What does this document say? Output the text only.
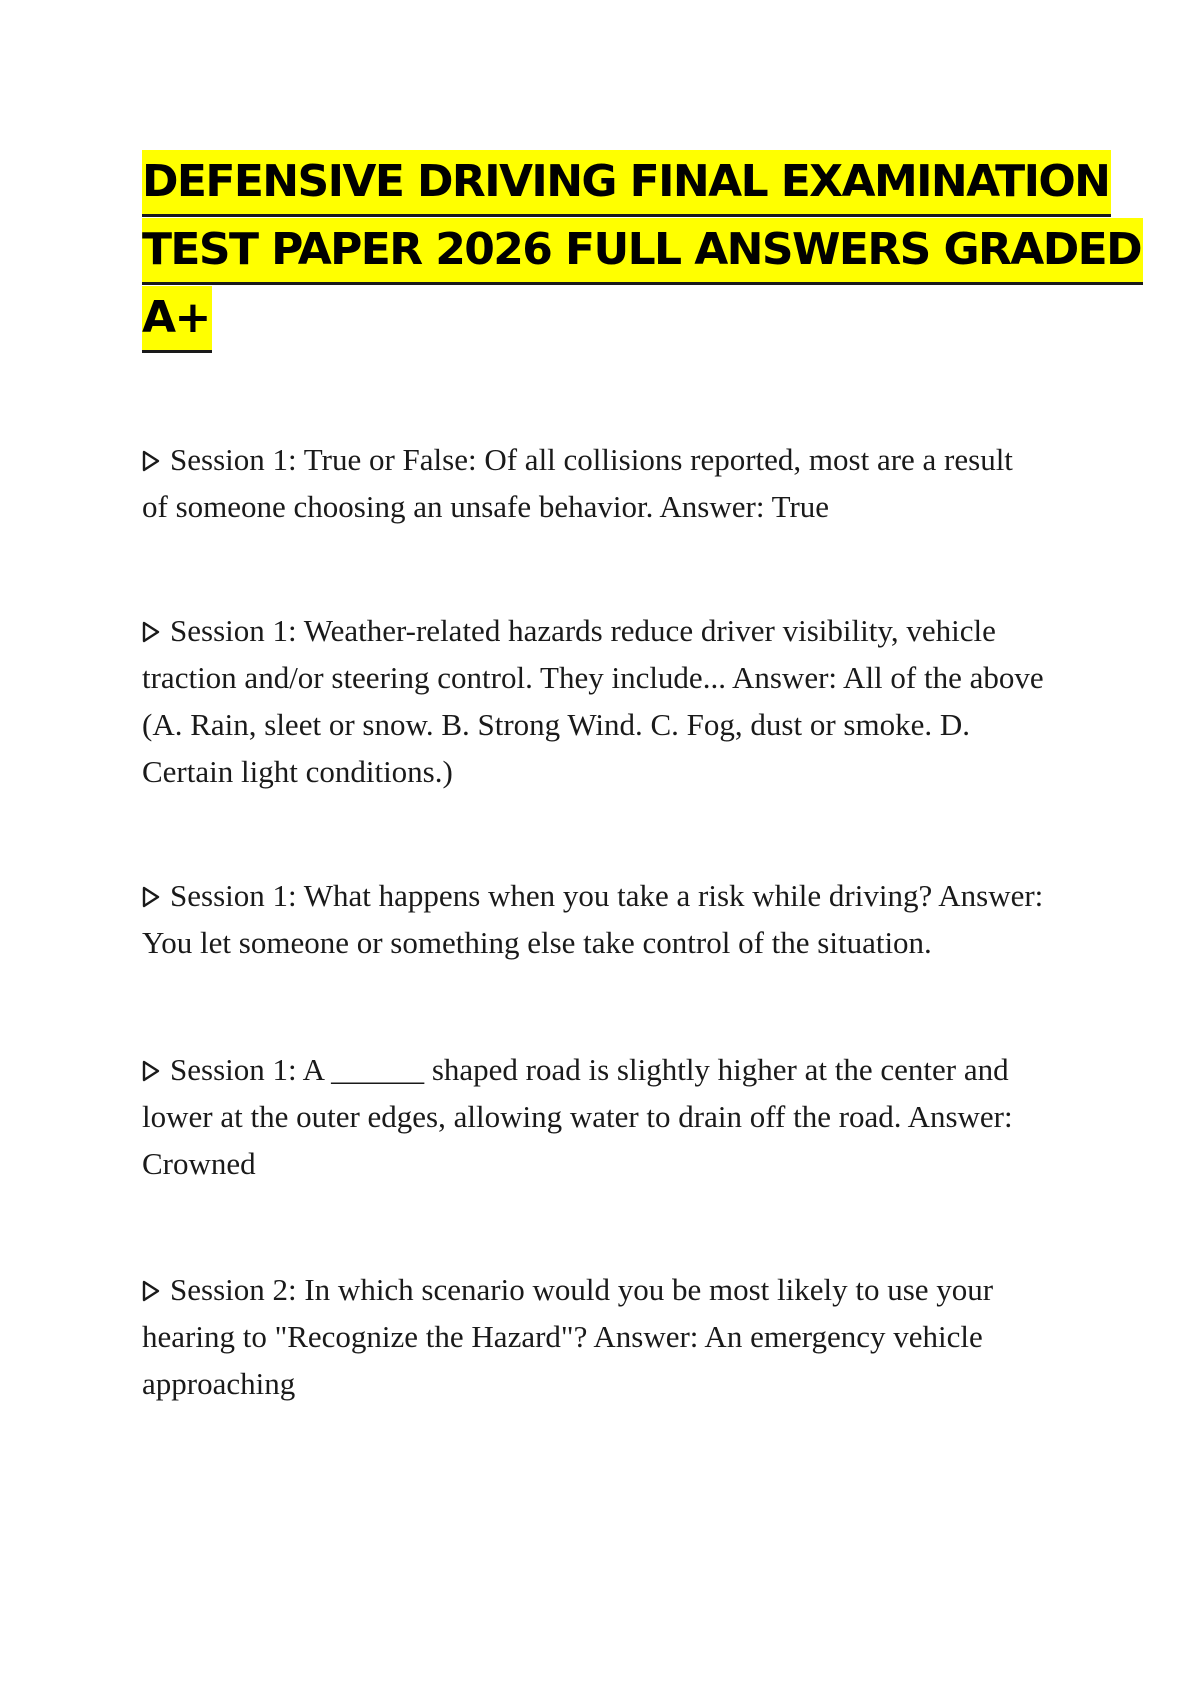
DEFENSIVE DRIVING FINAL EXAMINATION
TEST PAPER 2026 FULL ANSWERS GRADED
A+
Session 1: True or False: Of all collisions reported, most are a result
of someone choosing an unsafe behavior. Answer: True
Session 1: Weather-related hazards reduce driver visibility, vehicle
traction and/or steering control. They include... Answer: All of the above
(A. Rain, sleet or snow. B. Strong Wind. C. Fog, dust or smoke. D.
Certain light conditions.)
Session 1: What happens when you take a risk while driving? Answer:
You let someone or something else take control of the situation.
Session 1: A ______ shaped road is slightly higher at the center and
lower at the outer edges, allowing water to drain off the road. Answer:
Crowned
Session 2: In which scenario would you be most likely to use your
hearing to "Recognize the Hazard"? Answer: An emergency vehicle
approaching
